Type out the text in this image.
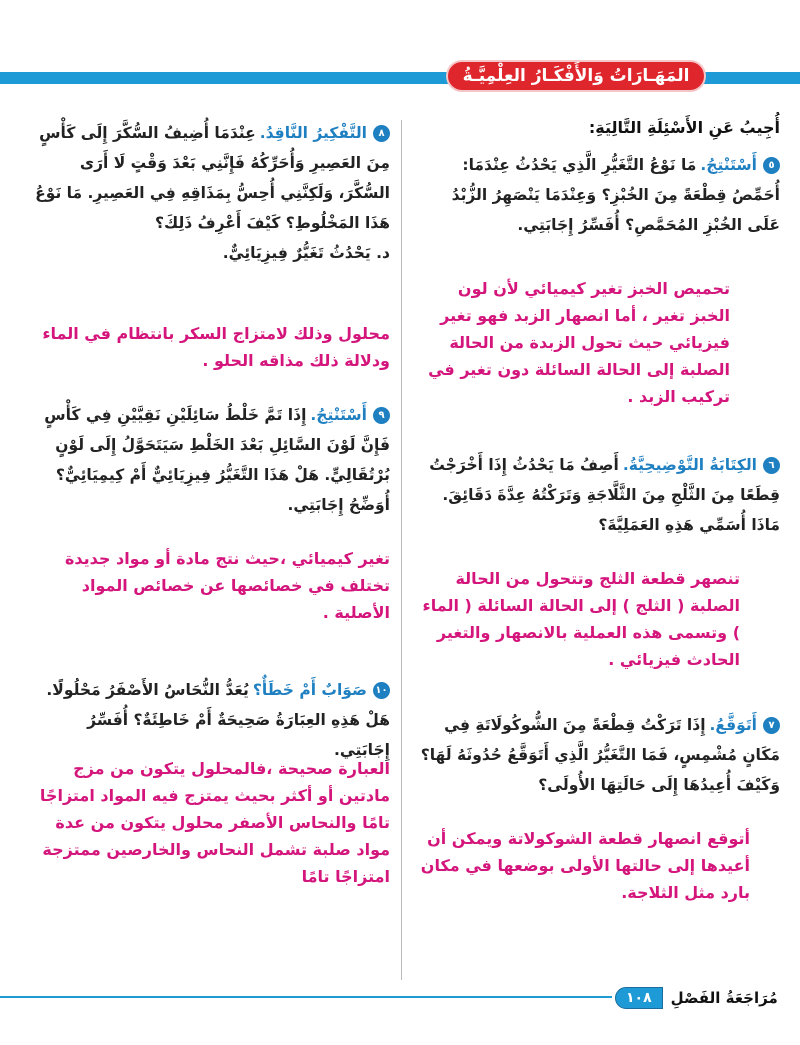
المَهَـارَاتُ وَالأَفْكَـارُ العِلْمِيَّـةُ
أُجِيبُ عَنِ الأَسْئِلَةِ التَّالِيَةِ:
٥أَسْتَنْتِجُ.مَا نَوْعُ التَّغَيُّرِ الَّذِي يَحْدُثُ عِنْدَمَا: أُحَمِّصُ قِطْعَةً مِنَ الخُبْزِ؟ وَعِنْدَمَا يَنْصَهِرُ الزُّبْدُ عَلَى الخُبْزِ المُحَمَّصِ؟ أُفَسِّرُ إِجَابَتِي.
تحميص الخبز تغير كيميائي لأن لون الخبز تغير ، أما انصهار الزبد فهو تغير فيزيائي حيث تحول الزبدة من الحالة الصلبة إلى الحالة السائلة دون تغير في تركيب الزبد .
٦الكِتَابَةُ التَّوْضِيحِيَّةُ.أَصِفُ مَا يَحْدُثُ إِذَا أَخْرَجْتُ قِطَعًا مِنَ الثَّلْجِ مِنَ الثَّلَّاجَةِ وَتَرَكْتُهُ عِدَّةَ دَقَائِقَ. مَاذَا أُسَمِّي هَذِهِ العَمَلِيَّةَ؟
تنصهر قطعة الثلج وتتحول من الحالة الصلبة ( الثلج ) إلى الحالة السائلة ( الماء ) وتسمى هذه العملية بالانصهار والتغير الحادث فيزيائي .
٧أَتَوَقَّعُ.إِذَا تَرَكْتُ قِطْعَةً مِنَ الشُّوكُولَاتَةِ فِي مَكَانٍ مُشْمِسٍ، فَمَا التَّغَيُّرُ الَّذِي أَتَوَقَّعُ حُدُوثَهُ لَهَا؟ وَكَيْفَ أُعِيدُهَا إِلَى حَالَتِهَا الأُولَى؟
أتوقع انصهار قطعة الشوكولاتة ويمكن أن أعيدها إلى حالتها الأولى بوضعها في مكان بارد مثل الثلاجة.
٨التَّفْكِيرُ النَّاقِدُ.عِنْدَمَا أُضِيفُ السُّكَّرَ إِلَى كَأْسٍ مِنَ العَصِيرِ وَأُحَرِّكُهُ فَإِنَّنِي بَعْدَ وَقْتٍ لَا أَرَى السُّكَّرَ، وَلَكِنَّنِي أُحِسُّ بِمَذَاقِهِ فِي العَصِيرِ. مَا نَوْعُ هَذَا المَخْلُوطِ؟ كَيْفَ أَعْرِفُ ذَلِكَ؟
د. يَحْدُثُ تَغَيُّرٌ فِيزِيَائِيٌّ.
محلول وذلك لامتزاج السكر بانتظام في الماء ودلالة ذلك مذاقه الحلو .
٩أَسْتَنْتِجُ.إِذَا تَمَّ خَلْطُ سَائِلَيْنِ نَقِيَّيْنِ فِي كَأْسٍ فَإِنَّ لَوْنَ السَّائِلِ بَعْدَ الخَلْطِ سَيَتَحَوَّلُ إِلَى لَوْنٍ بُرْتُقَالِيٍّ. هَلْ هَذَا التَّغَيُّرُ فِيزِيَائِيٌّ أَمْ كِيمِيَائِيٌّ؟ أُوَضِّحُ إِجَابَتِي.
تغير كيميائي ،حيث نتج مادة أو مواد جديدة تختلف في خصائصها عن خصائص المواد الأصلية .
١٠صَوَابٌ أَمْ خَطَأٌ؟يُعَدُّ النُّحَاسُ الأَصْفَرُ مَحْلُولًا. هَلْ هَذِهِ العِبَارَةُ صَحِيحَةٌ أَمْ خَاطِئَةٌ؟ أُفَسِّرُ إِجَابَتِي.
العبارة صحيحة ،فالمحلول يتكون من مزج مادتين أو أكثر بحيث يمتزج فيه المواد امتزاجًا تامًا والنحاس الأصفر محلول يتكون من عدة مواد صلبة تشمل النحاس والخارصين ممتزجة امتزاجًا تامًا
مُرَاجَعَةُ الفَصْلِ
١٠٨
